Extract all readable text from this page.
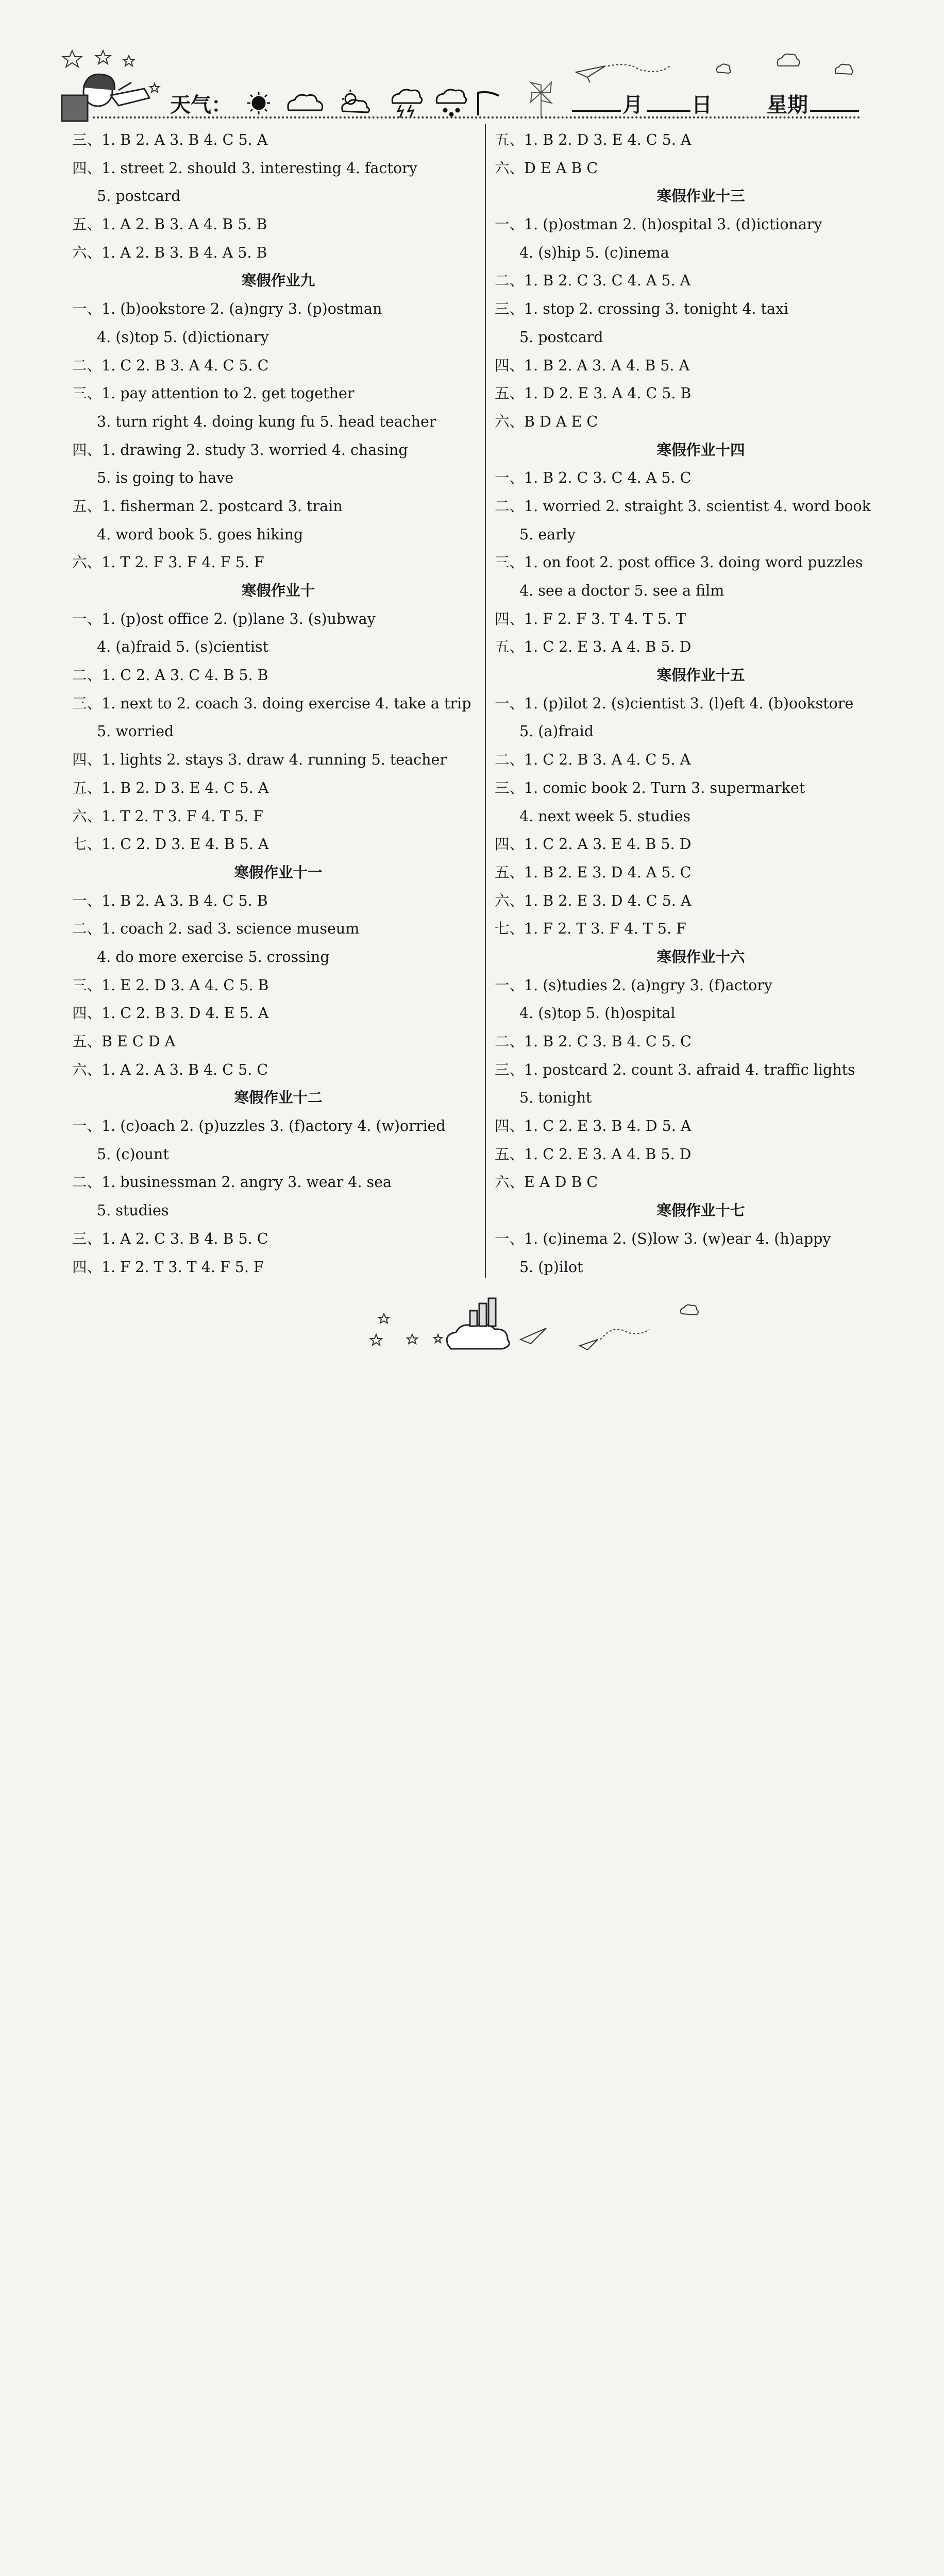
天气：	月 日	星期
三、1. B 2. A 3. B 4. C 5. A
四、1. street 2. should 3. interesting 4. factory
5. postcard
五、1. A 2. B 3. A 4. B 5. B
六、1. A 2. B 3. B 4. A 5. B
寒假作业九
一、1. (b)ookstore 2. (a)ngry 3. (p)ostman
4. (s)top 5. (d)ictionary
二、1. C 2. B 3. A 4. C 5. C
三、1. pay attention to 2. get together
3. turn right 4. doing kung fu 5. head teacher
四、1. drawing 2. study 3. worried 4. chasing
5. is going to have
五、1. fisherman 2. postcard 3. train
4. word book 5. goes hiking
六、1. T 2. F 3. F 4. F 5. F
寒假作业十
一、1. (p)ost office 2. (p)lane 3. (s)ubway
4. (a)fraid 5. (s)cientist
二、1. C 2. A 3. C 4. B 5. B
三、1. next to 2. coach 3. doing exercise 4. take a trip
5. worried
四、1. lights 2. stays 3. draw 4. running 5. teacher
五、1. B 2. D 3. E 4. C 5. A
六、1. T 2. T 3. F 4. T 5. F
七、1. C 2. D 3. E 4. B 5. A
寒假作业十一
一、1. B 2. A 3. B 4. C 5. B
二、1. coach 2. sad 3. science museum
4. do more exercise 5. crossing
三、1. E 2. D 3. A 4. C 5. B
四、1. C 2. B 3. D 4. E 5. A
五、B E C D A
六、1. A 2. A 3. B 4. C 5. C
寒假作业十二
一、1. (c)oach 2. (p)uzzles 3. (f)actory 4. (w)orried
5. (c)ount
二、1. businessman 2. angry 3. wear 4. sea
5. studies
三、1. A 2. C 3. B 4. B 5. C
四、1. F 2. T 3. T 4. F 5. F
五、1. B 2. D 3. E 4. C 5. A
六、D E A B C
寒假作业十三
一、1. (p)ostman 2. (h)ospital 3. (d)ictionary
4. (s)hip 5. (c)inema
二、1. B 2. C 3. C 4. A 5. A
三、1. stop 2. crossing 3. tonight 4. taxi
5. postcard
四、1. B 2. A 3. A 4. B 5. A
五、1. D 2. E 3. A 4. C 5. B
六、B D A E C
寒假作业十四
一、1. B 2. C 3. C 4. A 5. C
二、1. worried 2. straight 3. scientist 4. word book
5. early
三、1. on foot 2. post office 3. doing word puzzles
4. see a doctor 5. see a film
四、1. F 2. F 3. T 4. T 5. T
五、1. C 2. E 3. A 4. B 5. D
寒假作业十五
一、1. (p)ilot 2. (s)cientist 3. (l)eft 4. (b)ookstore
5. (a)fraid
二、1. C 2. B 3. A 4. C 5. A
三、1. comic book 2. Turn 3. supermarket
4. next week 5. studies
四、1. C 2. A 3. E 4. B 5. D
五、1. B 2. E 3. D 4. A 5. C
六、1. B 2. E 3. D 4. C 5. A
七、1. F 2. T 3. F 4. T 5. F
寒假作业十六
一、1. (s)tudies 2. (a)ngry 3. (f)actory
4. (s)top 5. (h)ospital
二、1. B 2. C 3. B 4. C 5. C
三、1. postcard 2. count 3. afraid 4. traffic lights
5. tonight
四、1. C 2. E 3. B 4. D 5. A
五、1. C 2. E 3. A 4. B 5. D
六、E A D B C
寒假作业十七
一、1. (c)inema 2. (S)low 3. (w)ear 4. (h)appy
5. (p)ilot
